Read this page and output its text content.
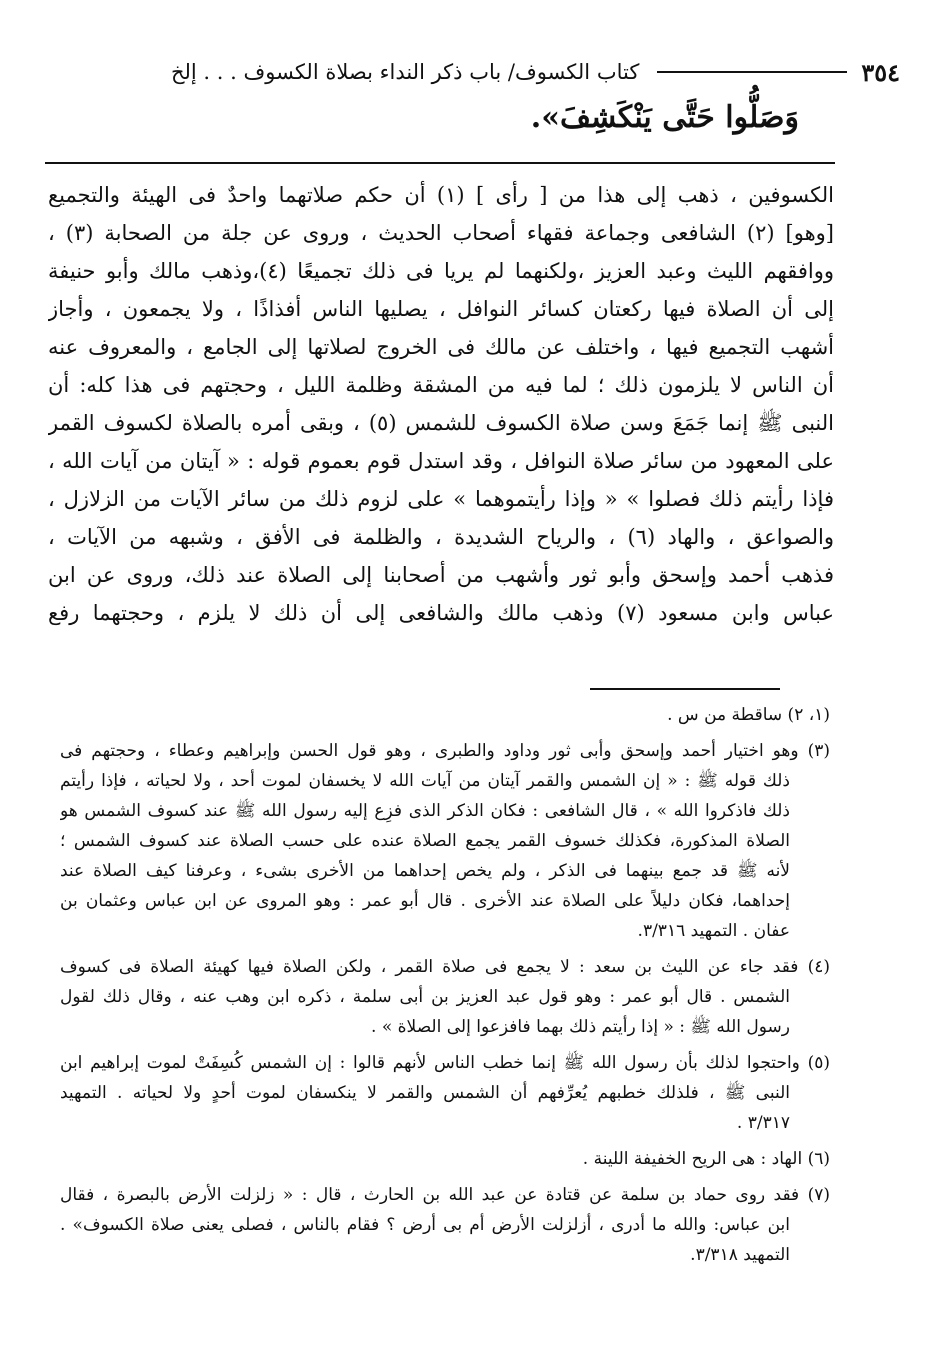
٣٥٤
كتاب الكسوف/ باب ذكر النداء بصلاة الكسوف . . . إلخ
وَصَلُّوا حَتَّى يَنْكَشِفَ».
الكسوفين ، ذهب إلى هذا من [ رأى ] (١) أن حكم صلاتهما واحدٌ فى الهيئة والتجميع
[وهو] (٢) الشافعى وجماعة فقهاء أصحاب الحديث ، وروى عن جلة من الصحابة (٣) ،
ووافقهم الليث وعبد العزيز ،ولكنهما لم يريا فى ذلك تجميعًا (٤)،وذهب مالك وأبو حنيفة
إلى أن الصلاة فيها ركعتان كسائر النوافل ، يصليها الناس أفذاذًا ، ولا يجمعون ، وأجاز
أشهب التجميع فيها ، واختلف عن مالك فى الخروج لصلاتها إلى الجامع ، والمعروف عنه
أن الناس لا يلزمون ذلك ؛ لما فيه من المشقة وظلمة الليل ، وحجتهم فى هذا كله: أن
النبى ﷺ إنما جَمَعَ وسن صلاة الكسوف للشمس (٥) ، وبقى أمره بالصلاة لكسوف القمر
على المعهود من سائر صلاة النوافل ، وقد استدل قوم بعموم قوله : « آيتان من آيات الله ،
فإذا رأيتم ذلك فصلوا » « وإذا رأيتموهما » على لزوم ذلك من سائر الآيات من الزلازل ،
والصواعق ، والهاد (٦) ، والرياح الشديدة ، والظلمة فى الأفق ، وشبهه من الآيات ،
فذهب أحمد وإسحق وأبو ثور وأشهب من أصحابنا إلى الصلاة عند ذلك، وروى عن ابن
عباس وابن مسعود (٧) وذهب مالك والشافعى إلى أن ذلك لا يلزم ، وحجتهما رفع
(١، ٢) ساقطة من س .
(٣) وهو اختيار أحمد وإسحق وأبى ثور وداود والطبرى ، وهو قول الحسن وإبراهيم وعطاء ، وحجتهم فى
ذلك قوله ﷺ : « إن الشمس والقمر آيتان من آيات الله لا يخسفان لموت أحد ، ولا لحياته ، فإذا رأيتم
ذلك فاذكروا الله » ، قال الشافعى : فكان الذكر الذى فزِع إليه رسول الله ﷺ عند كسوف الشمس هو
الصلاة المذكورة، فكذلك خسوف القمر يجمع الصلاة عنده على حسب الصلاة عند كسوف الشمس ؛
لأنه ﷺ قد جمع بينهما فى الذكر ، ولم يخص إحداهما من الأخرى بشىء ، وعرفنا كيف الصلاة عند
إحداهما، فكان دليلاً على الصلاة عند الأخرى . قال أبو عمر : وهو المروى عن ابن عباس وعثمان بن
عفان . التمهيد ٣/٣١٦.
(٤) فقد جاء عن الليث بن سعد : لا يجمع فى صلاة القمر ، ولكن الصلاة فيها كهيئة الصلاة فى كسوف
الشمس . قال أبو عمر : وهو قول عبد العزيز بن أبى سلمة ، ذكره ابن وهب عنه ، وقال ذلك لقول
رسول الله ﷺ : « إذا رأيتم ذلك بهما فافزعوا إلى الصلاة » .
(٥) واحتجوا لذلك بأن رسول الله ﷺ إنما خطب الناس لأنهم قالوا : إن الشمس كُسِفَتْ لموت إبراهيم ابن
النبى ﷺ ، فلذلك خطبهم يُعرِّفهم أن الشمس والقمر لا ينكسفان لموت أحدٍ ولا لحياته . التمهيد
٣/٣١٧ .
(٦) الهاد : هى الريح الخفيفة اللينة .
(٧) فقد روى حماد بن سلمة عن قتادة عن عبد الله بن الحارث ، قال : « زلزلت الأرض بالبصرة ، فقال
ابن عباس: والله ما أدرى ، أزلزلت الأرض أم بى أرض ؟ فقام بالناس ، فصلى يعنى صلاة الكسوف» .
التمهيد ٣/٣١٨.
